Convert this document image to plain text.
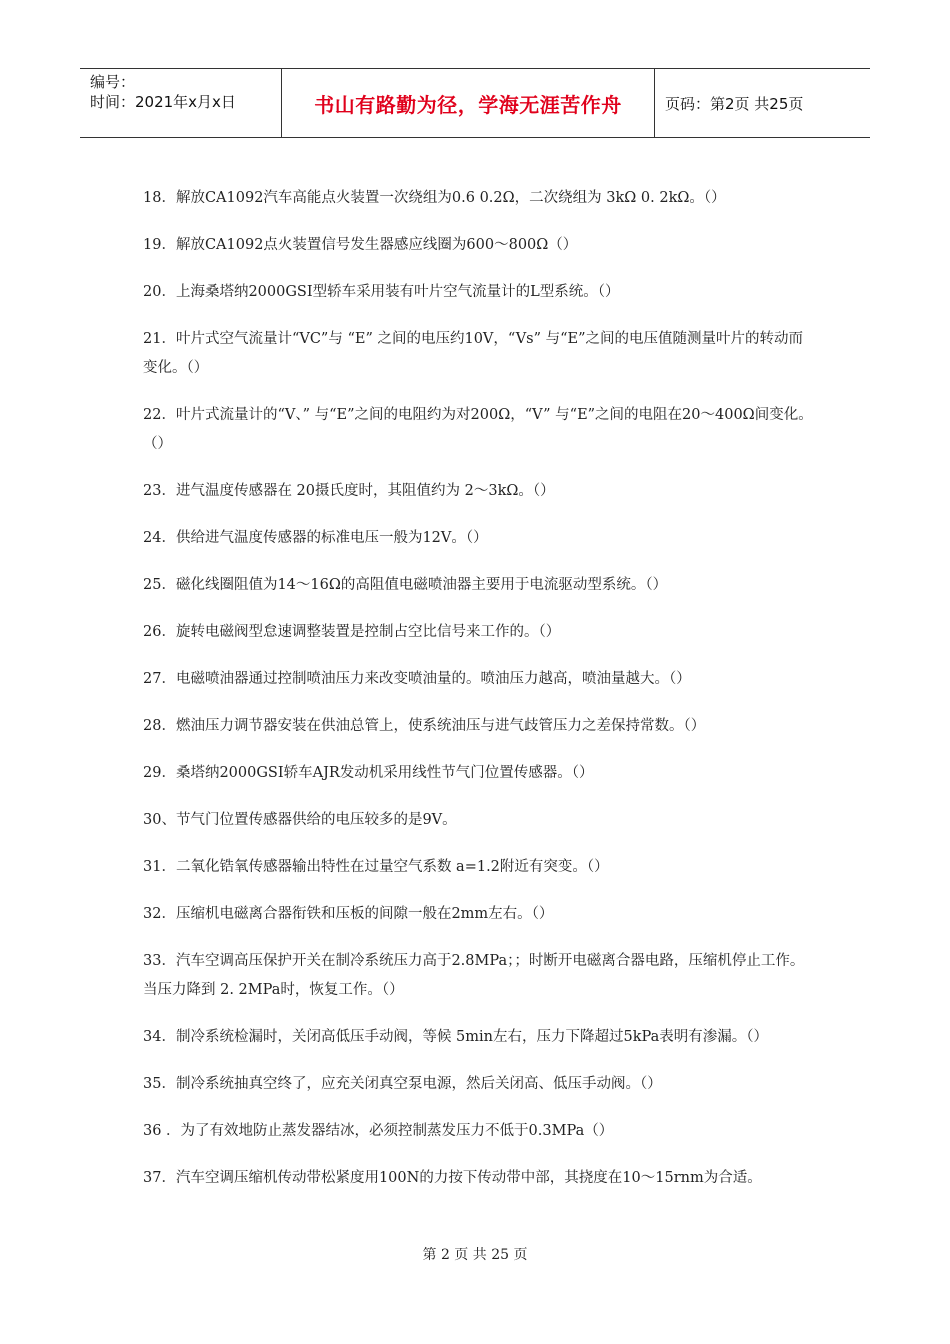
编号：
时间：2021年x月x日	书山有路勤为径，学海无涯苦作舟	页码：第2页 共25页

18．解放CA1092汽车高能点火装置一次绕组为0.6 0.2Ω，二次绕组为 3kΩ 0. 2kΩ。（）

19．解放CA1092点火装置信号发生器感应线圈为600～800Ω（）

20．上海桑塔纳2000GSI型轿车采用装有叶片空气流量计的L型系统。（）

21．叶片式空气流量计“VC”与 “E” 之间的电压约10V，“Vs” 与“E”之间的电压值随测量叶片的转动而变化。（）

22．叶片式流量计的“V、” 与“E”之间的电阻约为对200Ω，“V” 与“E”之间的电阻在20～400Ω间变化。（）

23．进气温度传感器在 20摄氏度时，其阻值约为 2～3kΩ。（）

24．供给进气温度传感器的标准电压一般为12V。（）

25．磁化线圈阻值为14～16Ω的高阻值电磁喷油器主要用于电流驱动型系统。（）

26．旋转电磁阀型怠速调整装置是控制占空比信号来工作的。（）

27．电磁喷油器通过控制喷油压力来改变喷油量的。喷油压力越高，喷油量越大。（）

28．燃油压力调节器安装在供油总管上，使系统油压与进气歧管压力之差保持常数。（）

29．桑塔纳2000GSI轿车AJR发动机采用线性节气门位置传感器。（）

30、节气门位置传感器供给的电压较多的是9V。

31．二氧化锆氧传感器输出特性在过量空气系数 a=1.2附近有突变。（）

32．压缩机电磁离合器衔铁和压板的间隙一般在2mm左右。（）

33．汽车空调高压保护开关在制冷系统压力高于2.8MPa；；时断开电磁离合器电路，压缩机停止工作。当压力降到 2. 2MPa时，恢复工作。（）

34．制冷系统检漏时，关闭高低压手动阀，等候 5min左右，压力下降超过5kPa表明有渗漏。（）

35．制冷系统抽真空终了，应充关闭真空泵电源，然后关闭高、低压手动阀。（）

36 ．为了有效地防止蒸发器结冰，必须控制蒸发压力不低于0.3MPa（）

37．汽车空调压缩机传动带松紧度用100N的力按下传动带中部，其挠度在10～15rnm为合适。

第 2 页 共 25 页
